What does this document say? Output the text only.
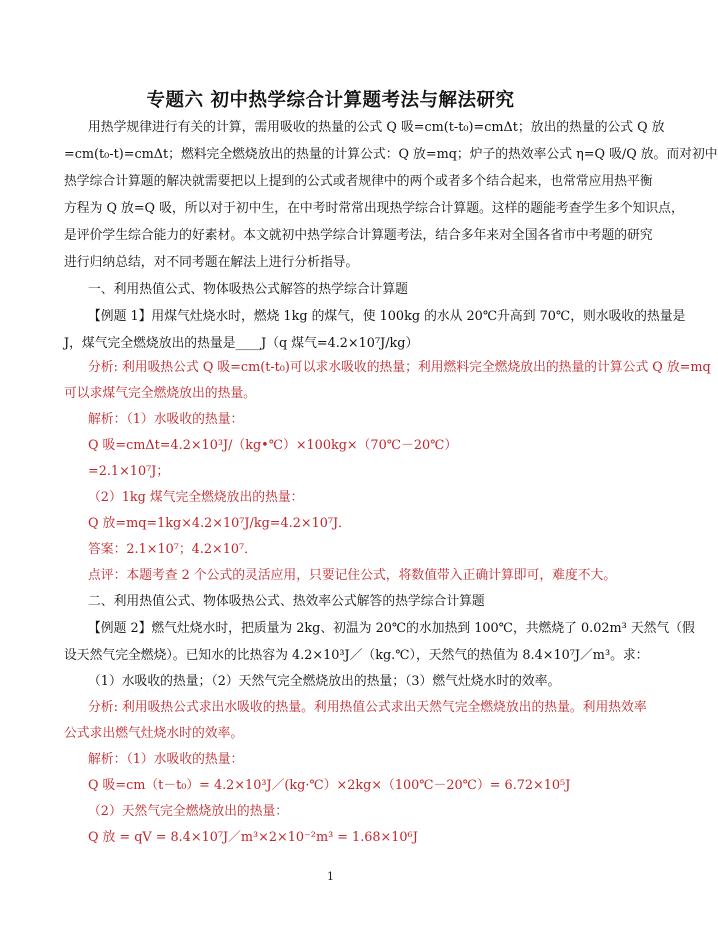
专题六 初中热学综合计算题考法与解法研究
用热学规律进行有关的计算，需用吸收的热量的公式 Q 吸=cm(t-t₀)=cmΔt；放出的热量的公式 Q 放
=cm(t₀-t)=cmΔt；燃料完全燃烧放出的热量的计算公式：Q 放=mq；炉子的热效率公式 η=Q 吸/Q 放。而对初中
热学综合计算题的解决就需要把以上提到的公式或者规律中的两个或者多个结合起来，也常常应用热平衡
方程为 Q 放=Q 吸，所以对于初中生，在中考时常常出现热学综合计算题。这样的题能考查学生多个知识点，
是评价学生综合能力的好素材。本文就初中热学综合计算题考法，结合多年来对全国各省市中考题的研究
进行归纳总结，对不同考题在解法上进行分析指导。
一、利用热值公式、物体吸热公式解答的热学综合计算题
【例题 1】用煤气灶烧水时，燃烧 1kg 的煤气，使 100kg 的水从 20℃升高到 70℃，则水吸收的热量是
J，煤气完全燃烧放出的热量是____J（q 煤气=4.2×10⁷J/kg）
分析: 利用吸热公式 Q 吸=cm(t-t₀)可以求水吸收的热量；利用燃料完全燃烧放出的热量的计算公式 Q 放=mq
可以求煤气完全燃烧放出的热量。
解析：（1）水吸收的热量：
Q 吸=cmΔt=4.2×10³J/（kg•℃）×100kg×（70℃－20℃）
=2.1×10⁷J；
（2）1kg 煤气完全燃烧放出的热量：
Q 放=mq=1kg×4.2×10⁷J/kg=4.2×10⁷J．
答案：2.1×10⁷；4.2×10⁷．
点评：本题考查 2 个公式的灵活应用，只要记住公式，将数值带入正确计算即可，难度不大。
二、利用热值公式、物体吸热公式、热效率公式解答的热学综合计算题
【例题 2】燃气灶烧水时，把质量为 2kg、初温为 20℃的水加热到 100℃，共燃烧了 0.02m³ 天然气（假
设天然气完全燃烧）。已知水的比热容为 4.2×10³J／（kg.℃），天然气的热值为 8.4×10⁷J／m³。求：
（1）水吸收的热量；（2）天然气完全燃烧放出的热量；（3）燃气灶烧水时的效率。
分析: 利用吸热公式求出水吸收的热量。利用热值公式求出天然气完全燃烧放出的热量。利用热效率
公式求出燃气灶烧水时的效率。
解析：（1）水吸收的热量：
Q 吸=cm（t－t₀）= 4.2×10³J／(kg·℃）×2kg×（100℃－20℃）= 6.72×10⁵J
（2）天然气完全燃烧放出的热量：
Q 放 = qV = 8.4×10⁷J／m³×2×10⁻²m³ = 1.68×10⁶J
1
